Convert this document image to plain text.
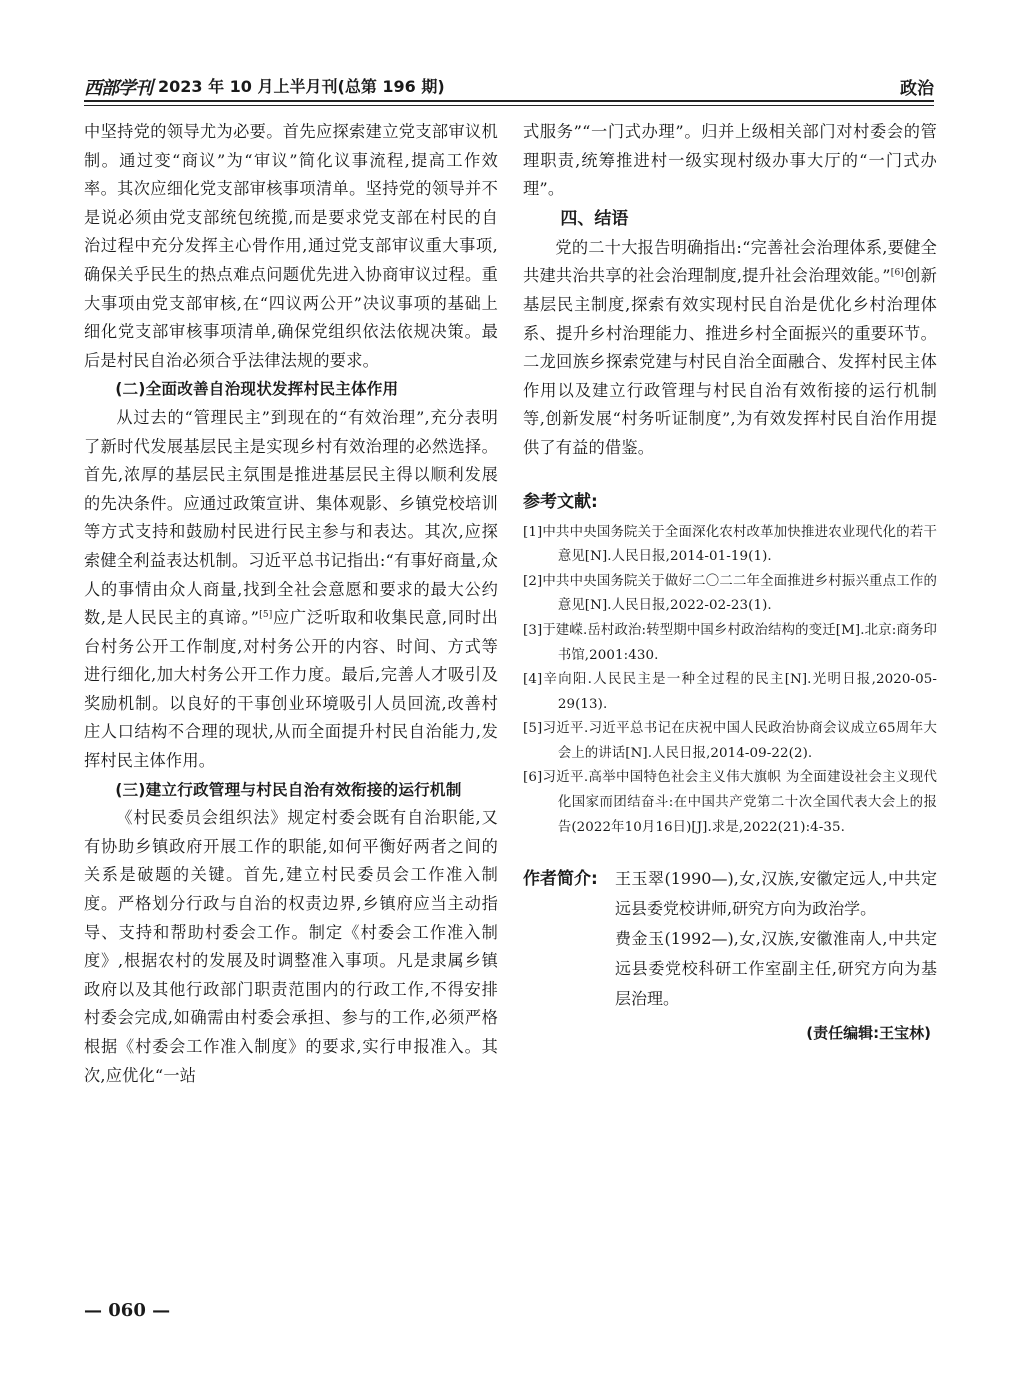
西部学刊 2023 年 10 月上半月刊(总第 196 期)	政治

中坚持党的领导尤为必要。首先应探索建立党支部审议机制。通过变“商议”为“审议”简化议事流程,提高工作效率。其次应细化党支部审核事项清单。坚持党的领导并不是说必须由党支部统包统揽,而是要求党支部在村民的自治过程中充分发挥主心骨作用,通过党支部审议重大事项,确保关乎民生的热点难点问题优先进入协商审议过程。重大事项由党支部审核,在“四议两公开”决议事项的基础上细化党支部审核事项清单,确保党组织依法依规决策。最后是村民自治必须合乎法律法规的要求。

(二)全面改善自治现状发挥村民主体作用

从过去的“管理民主”到现在的“有效治理”,充分表明了新时代发展基层民主是实现乡村有效治理的必然选择。首先,浓厚的基层民主氛围是推进基层民主得以顺利发展的先决条件。应通过政策宣讲、集体观影、乡镇党校培训等方式支持和鼓励村民进行民主参与和表达。其次,应探索健全利益表达机制。习近平总书记指出:“有事好商量,众人的事情由众人商量,找到全社会意愿和要求的最大公约数,是人民民主的真谛。”[5]应广泛听取和收集民意,同时出台村务公开工作制度,对村务公开的内容、时间、方式等进行细化,加大村务公开工作力度。最后,完善人才吸引及奖励机制。以良好的干事创业环境吸引人员回流,改善村庄人口结构不合理的现状,从而全面提升村民自治能力,发挥村民主体作用。

(三)建立行政管理与村民自治有效衔接的运行机制

《村民委员会组织法》规定村委会既有自治职能,又有协助乡镇政府开展工作的职能,如何平衡好两者之间的关系是破题的关键。首先,建立村民委员会工作准入制度。严格划分行政与自治的权责边界,乡镇府应当主动指导、支持和帮助村委会工作。制定《村委会工作准入制度》,根据农村的发展及时调整准入事项。凡是隶属乡镇政府以及其他行政部门职责范围内的行政工作,不得安排村委会完成,如确需由村委会承担、参与的工作,必须严格根据《村委会工作准入制度》的要求,实行申报准入。其次,应优化“一站

式服务”“一门式办理”。归并上级相关部门对村委会的管理职责,统筹推进村一级实现村级办事大厅的“一门式办理”。

四、结语

党的二十大报告明确指出:“完善社会治理体系,要健全共建共治共享的社会治理制度,提升社会治理效能。”[6]创新基层民主制度,探索有效实现村民自治是优化乡村治理体系、提升乡村治理能力、推进乡村全面振兴的重要环节。二龙回族乡探索党建与村民自治全面融合、发挥村民主体作用以及建立行政管理与村民自治有效衔接的运行机制等,创新发展“村务听证制度”,为有效发挥村民自治作用提供了有益的借鉴。

参考文献:

[1]中共中央国务院关于全面深化农村改革加快推进农业现代化的若干意见[N].人民日报,2014-01-19(1).

[2]中共中央国务院关于做好二〇二二年全面推进乡村振兴重点工作的意见[N].人民日报,2022-02-23(1).

[3]于建嵘.岳村政治:转型期中国乡村政治结构的变迁[M].北京:商务印书馆,2001:430.

[4]辛向阳.人民民主是一种全过程的民主[N].光明日报,2020-05-29(13).

[5]习近平.习近平总书记在庆祝中国人民政治协商会议成立65周年大会上的讲话[N].人民日报,2014-09-22(2).

[6]习近平.高举中国特色社会主义伟大旗帜 为全面建设社会主义现代化国家而团结奋斗:在中国共产党第二十次全国代表大会上的报告(2022年10月16日)[J].求是,2022(21):4-35.

作者简介: 王玉翠(1990—),女,汉族,安徽定远人,中共定远县委党校讲师,研究方向为政治学。

费金玉(1992—),女,汉族,安徽淮南人,中共定远县委党校科研工作室副主任,研究方向为基层治理。

(责任编辑:王宝林)

— 060 —
